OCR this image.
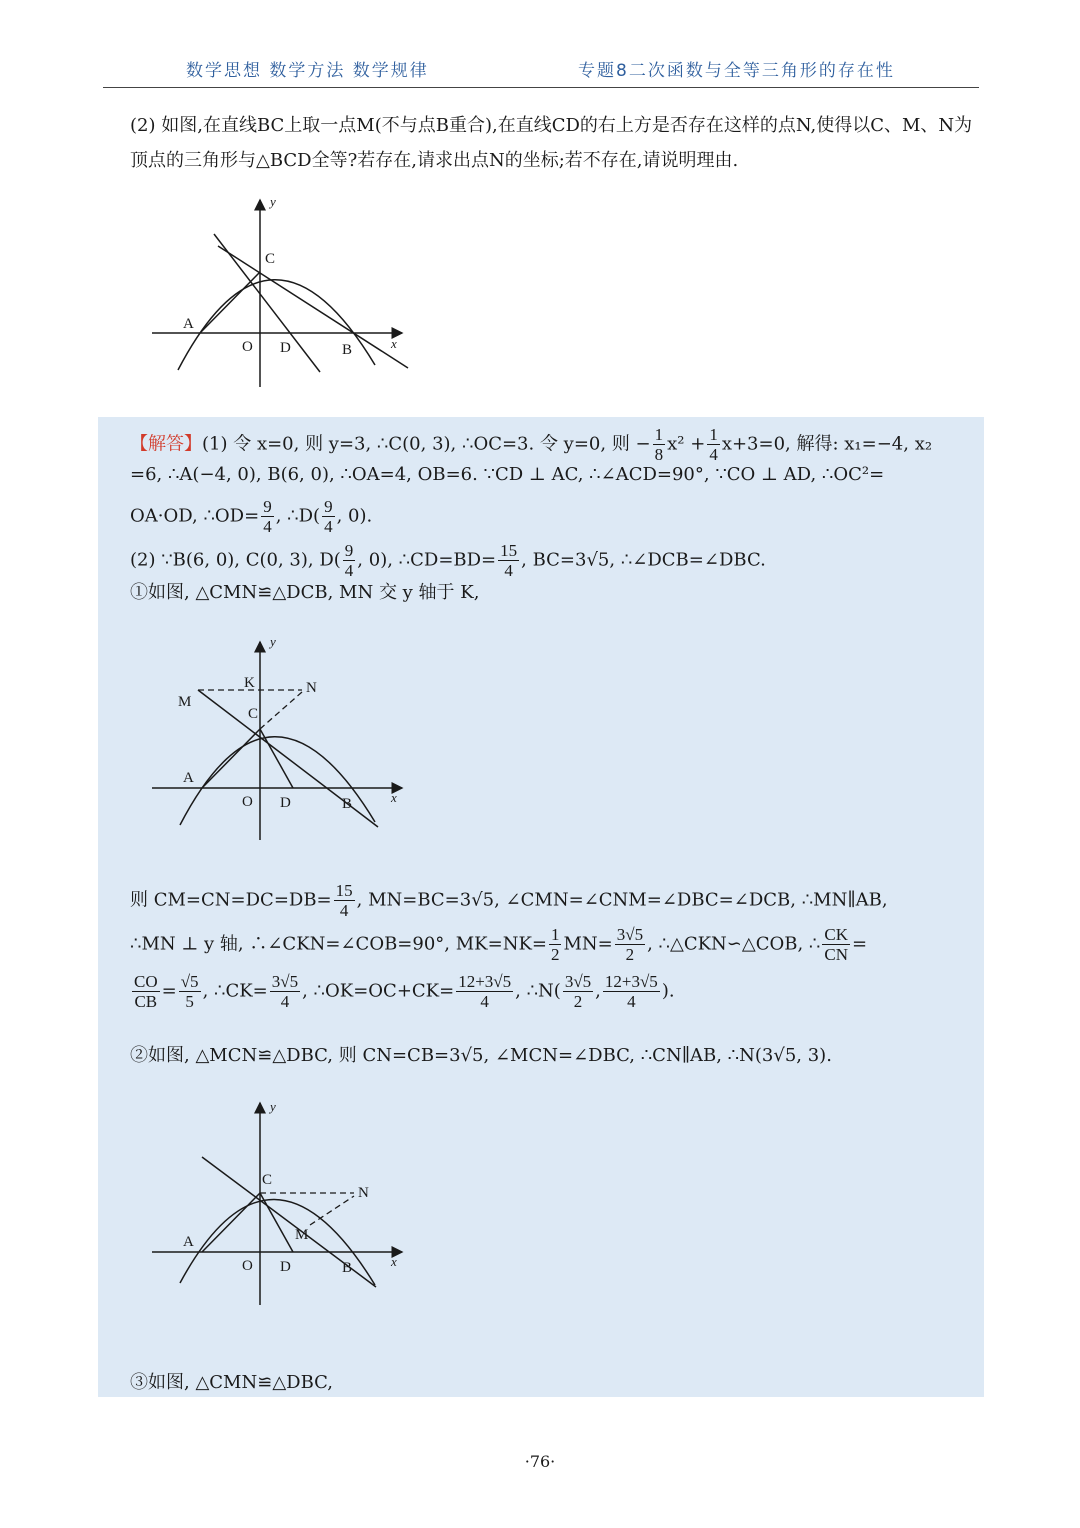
数学思想 数学方法 数学规律	专题8二次函数与全等三角形的存在性
(2) 如图,在直线BC上取一点M(不与点B重合),在直线CD的右上方是否存在这样的点N,使得以C、M、N为顶点的三角形与△BCD全等?若存在,请求出点N的坐标;若不存在,请说明理由.
y
x
C
A
O D	B
【解答】(1) 令 x=0, 则 y=3, ∴C(0, 3), ∴OC=3. 令 y=0, 则 − $\frac{1}{8} x^2 + \frac{1}{4} x+3=0$, 解得: x₁=−4, x₂
=6, ∴A(−4, 0), B(6, 0), ∴OA=4, OB=6. ∵CD ⊥ AC, ∴∠ACD=90°, ∵CO ⊥ AD, ∴OC²=
OA·OD, ∴OD= $\frac{9}{4}$ , ∴D( $\frac{9}{4}$ , 0).
(2) ∵B(6, 0), C(0, 3), $D( \frac{9}{4}$ , 0), ∴CD=BD= $\frac{15}{4}$ , BC=3√5, ∴∠DCB=∠DBC.
①如图, △CMN≌△DCB, MN 交 y 轴于 K,
y
x
K	N
M
C
A
O D	B
则 $CM=CN=DC=DB= \frac{15}{4}$ , MN=BC=3√5, ∠CMN=∠CNM=∠DBC=∠DCB, ∴MN∥AB,
∴MN ⊥ y 轴, ∴∠CKN=∠COB=90°, $MK=NK= \frac{1}{2} MN= \frac{3√5}{2}$ , ∴△CKN∽△COB, ∴ $\frac{CK}{CN}$ =
$\frac{CO}{CB} = \frac{√5}{5}$ , ∴CK= $\frac{3√5}{4}$ , ∴OK=OC+CK= $\frac{12+3√5}{4}$ , ∴N( $\frac{3√5}{2}$ , $\frac{12+3√5}{4}$ ).
②如图, △MCN≌△DBC, 则 CN=CB=3√5, ∠MCN=∠DBC, ∴CN∥AB, ∴N(3√5, 3).
y
x
C
N
M
A
O D	B
③如图, △CMN≌△DBC,
·76·
